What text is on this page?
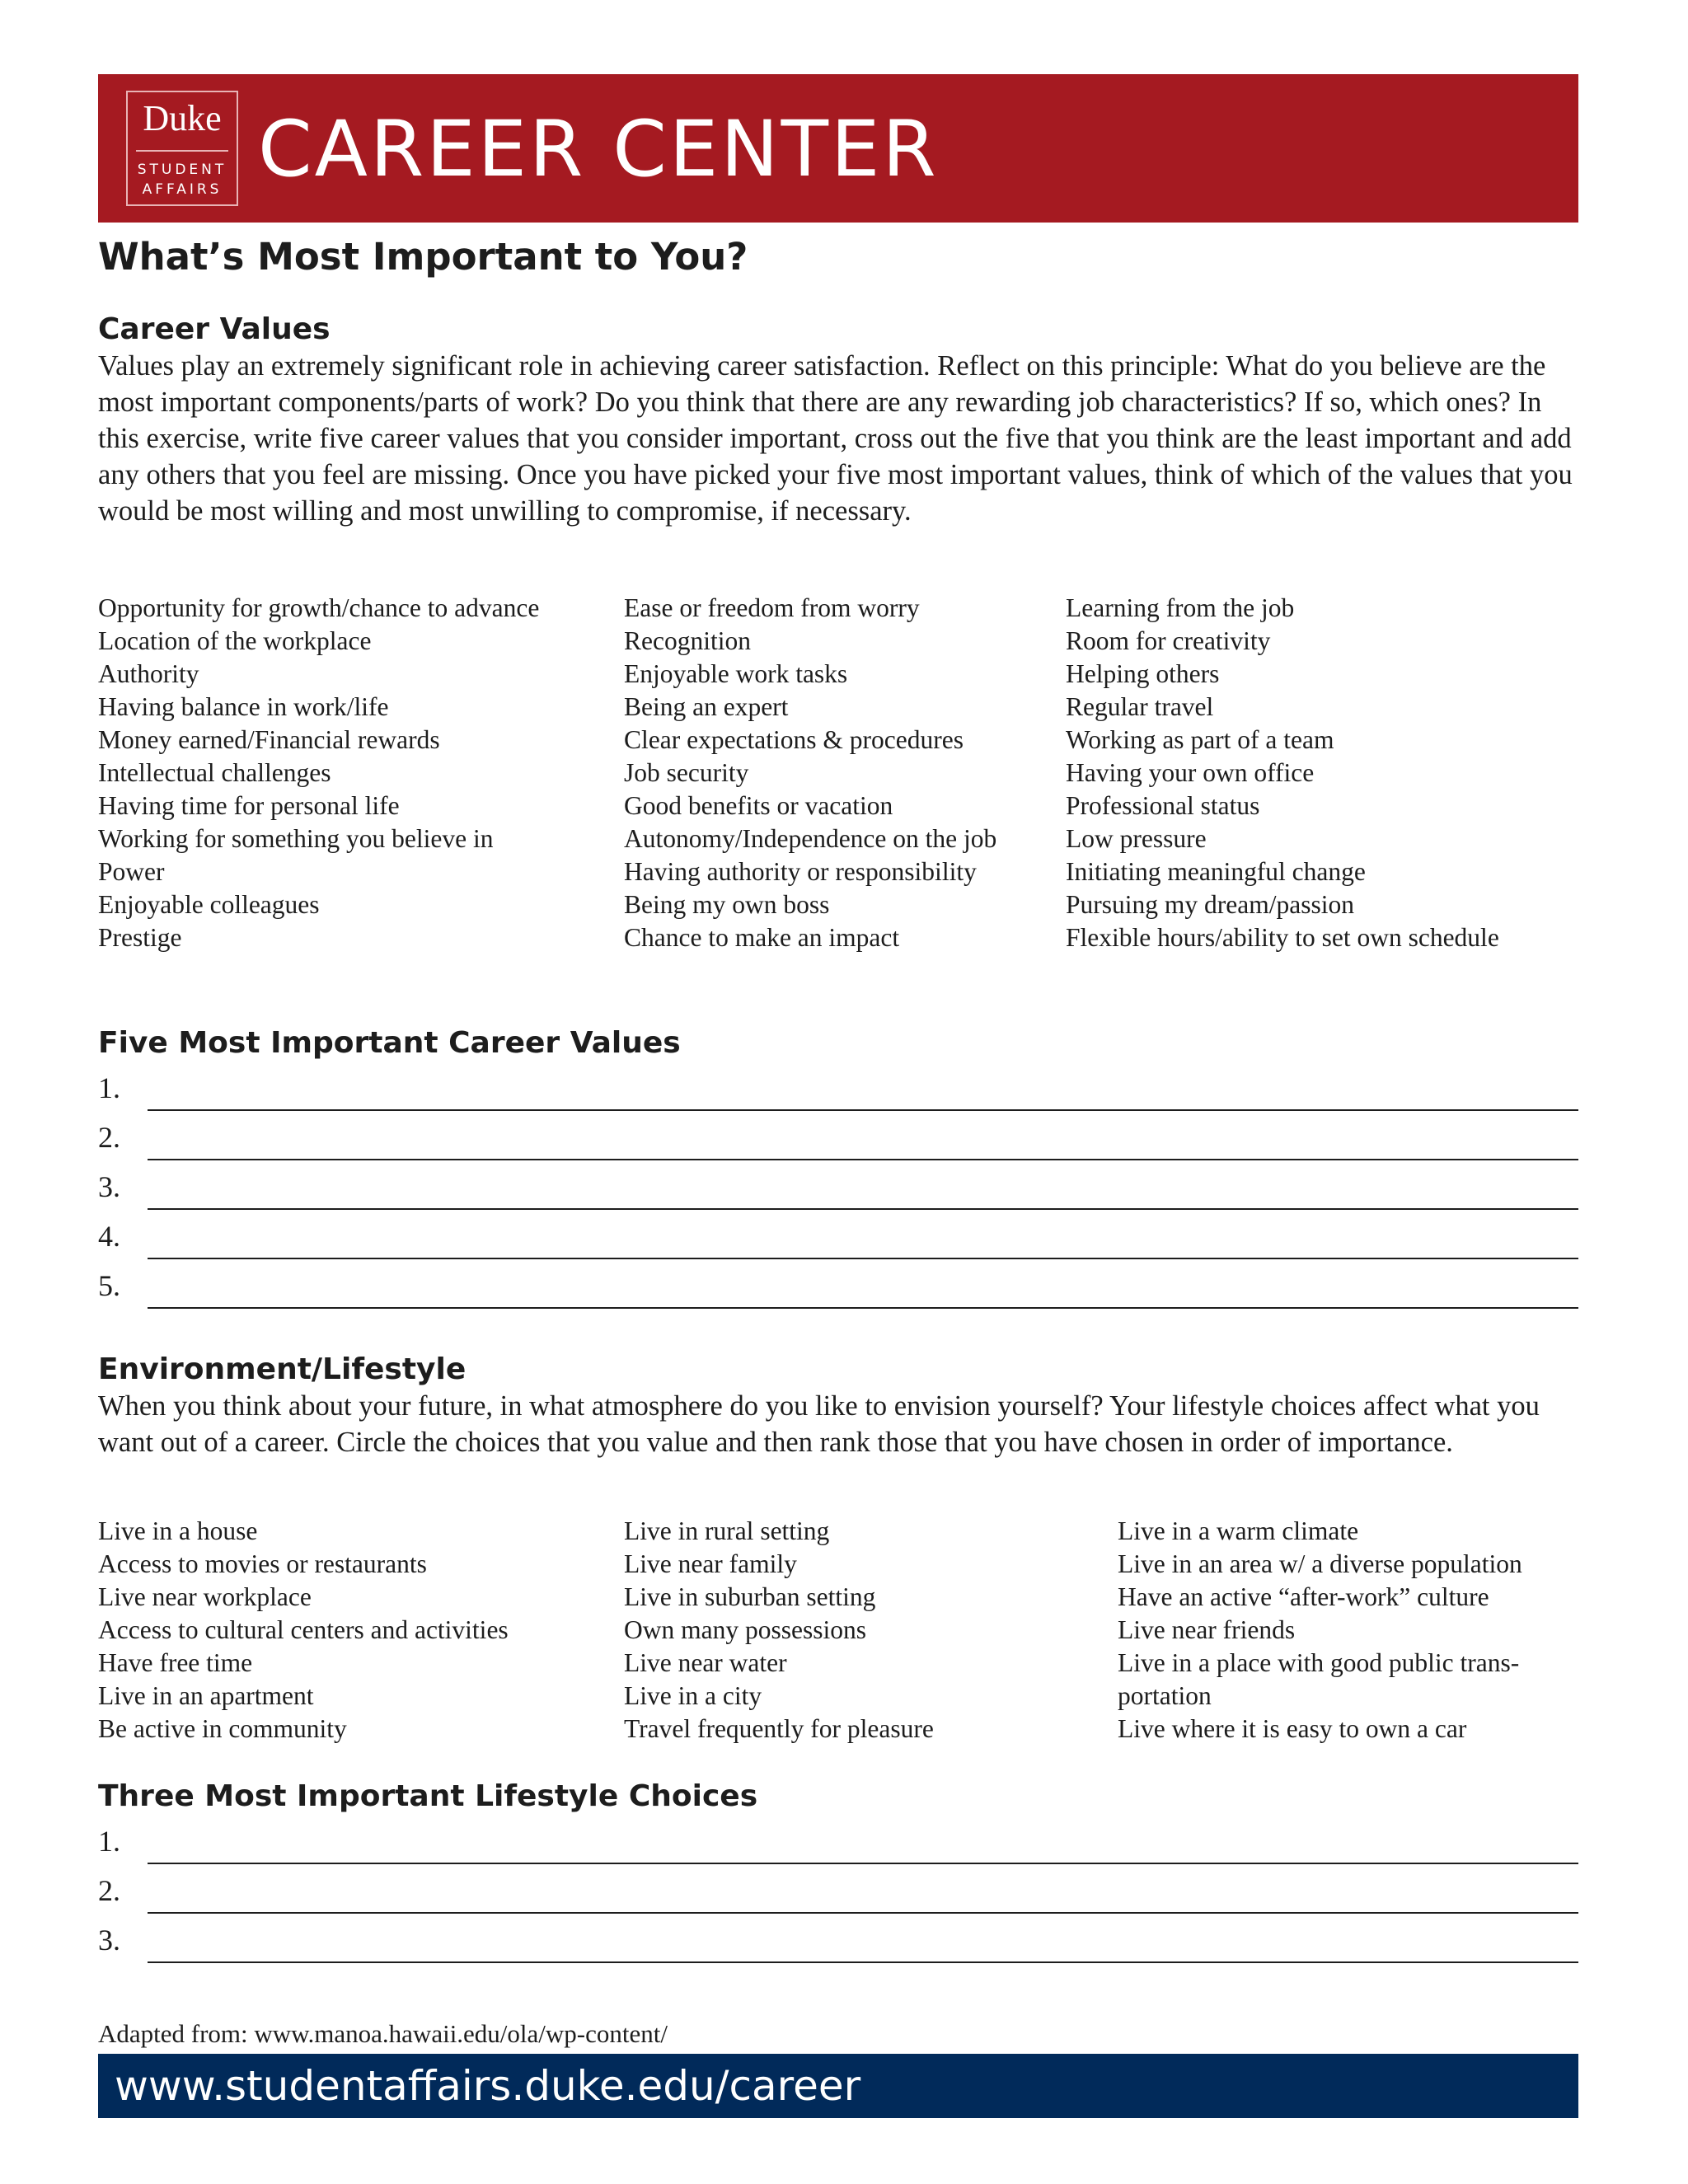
Duke
STUDENT
AFFAIRS CAREER CENTER
What’s Most Important to You?
Career Values

Values play an extremely significant role in achieving career satisfaction. Reflect on this principle: What do you believe are the most important components/parts of work? Do you think that there are any rewarding job characteristics? If so, which ones? In this exercise, write five career values that you consider important, cross out the five that you think are the least important and add any others that you feel are missing. Once you have picked your five most important values, think of which of the values that you would be most willing and most unwilling to compromise, if necessary.

Opportunity for growth/chance to advance
Location of the workplace
Authority
Having balance in work/life
Money earned/Financial rewards
Intellectual challenges
Having time for personal life
Working for something you believe in
Power
Enjoyable colleagues
Prestige
Ease or freedom from worry
Recognition
Enjoyable work tasks
Being an expert
Clear expectations & procedures
Job security
Good benefits or vacation
Autonomy/Independence on the job
Having authority or responsibility
Being my own boss
Chance to make an impact
Learning from the job
Room for creativity
Helping others
Regular travel
Working as part of a team
Having your own office
Professional status
Low pressure
Initiating meaningful change
Pursuing my dream/passion
Flexible hours/ability to set own schedule
Five Most Important Career Values
1.
2.
3.
4.
5.
Environment/Lifestyle

When you think about your future, in what atmosphere do you like to envision yourself? Your lifestyle choices affect what you want out of a career. Circle the choices that you value and then rank those that you have chosen in order of importance.

Live in a house
Access to movies or restaurants
Live near workplace
Access to cultural centers and activities
Have free time
Live in an apartment
Be active in community
Live in rural setting
Live near family
Live in suburban setting
Own many possessions
Live near water
Live in a city
Travel frequently for pleasure
Live in a warm climate
Live in an area w/ a diverse population
Have an active “after-work” culture
Live near friends
Live in a place with good public trans-
portation
Live where it is easy to own a car
Three Most Important Lifestyle Choices
1.
2.
3.
Adapted from: www.manoa.hawaii.edu/ola/wp-content/
www.studentaffairs.duke.edu/career
